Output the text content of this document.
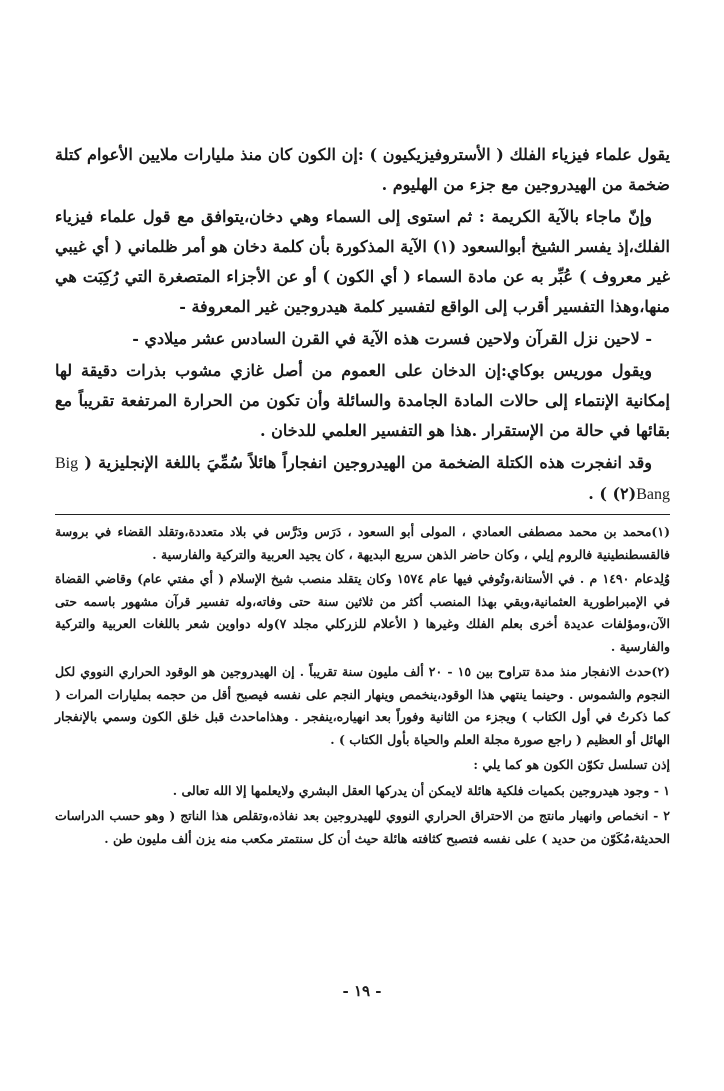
يقول علماء فيزياء الفلك ( الأستروفيزيكيون ) :إن الكون كان منذ مليارات ملايين الأعوام كتلة ضخمة من الهيدروجين مع جزء من الهليوم .

وإنّ ماجاء بالآية الكريمة : ثم استوى إلى السماء وهي دخان،يتوافق مع قول علماء فيزياء الفلك،إذ يفسر الشيخ أبوالسعود (١) الآية المذكورة بأن كلمة دخان هو أمر ظلماني ( أي غيبي غير معروف ) عُبِّر به عن مادة السماء ( أي الكون ) أو عن الأجزاء المتصغرة التي رُكِبَت هي منها،وهذا التفسير أقرب إلى الواقع لتفسير كلمة هيدروجين غير المعروفة -

- لاحين نزل القرآن ولاحين فسرت هذه الآية في القرن السادس عشر ميلادي -

ويقول موريس بوكاي:إن الدخان على العموم من أصل غازي مشوب بذرات دقيقة لها إمكانية الإنتماء إلى حالات المادة الجامدة والسائلة وأن تكون من الحرارة المرتفعة تقريباً مع بقائها في حالة من الإستقرار .هذا هو التفسير العلمي للدخان .

وقد انفجرت هذه الكتلة الضخمة من الهيدروجين انفجاراً هائلاً سُمِّيَ باللغة الإنجليزية ( Big Bang(٢) ) .

(١)محمد بن محمد مصطفى العمادي ، المولى أبو السعود ، دَرَس ودَرَّس في بلاد متعددة،وتقلد القضاء في بروسة فالقسطنطينية فالروم إيلي ، وكان حاضر الذهن سريع البديهة ، كان يجيد العربية والتركية والفارسية .

وُلِدعام ١٤٩٠ م . في الأستانة،وتُوفي فيها عام ١٥٧٤ وكان يتقلد منصب شيخ الإسلام ( أي مفتي عام) وقاضي القضاة في الإمبراطورية العثمانية،وبقي بهذا المنصب أكثر من ثلاثين سنة حتى وفاته،وله تفسير قرآن مشهور باسمه حتى الآن،ومؤلفات عديدة أخرى بعلم الفلك وغيرها ( الأعلام للزركلي مجلد ٧)وله دواوين شعر باللغات العربية والتركية والفارسية .

(٢)حدث الانفجار منذ مدة تتراوح بين ١٥ - ٢٠ ألف مليون سنة تقريباً . إن الهيدروجين هو الوقود الحراري النووي لكل النجوم والشموس . وحينما ينتهي هذا الوقود،ينخمص وينهار النجم على نفسه فيصبح أقل من حجمه بمليارات المرات ( كما ذكرتُ في أول الكتاب ) ويجزء من الثانية وفوراً بعد انهياره،ينفجر . وهذاماحدث قبل خلق الكون وسمي بالإنفجار الهائل أو العظيم ( راجع صورة مجلة العلم والحياة بأول الكتاب ) .

إذن تسلسل تكوّن الكون هو كما يلي :

١ - وجود هيدروجين بكميات فلكية هائلة لايمكن أن يدركها العقل البشري ولايعلمها إلا الله تعالى .

٢ - انخماص وانهيار مانتج من الاحتراق الحراري النووي للهيدروجين بعد نفاذه،وتقلص هذا الناتج ( وهو حسب الدراسات الحديثة،مُكَوّن من حديد ) على نفسه فتصبح كثافته هائلة حيث أن كل سنتمتر مكعب منه يزن ألف مليون طن .

- ١٩ -
